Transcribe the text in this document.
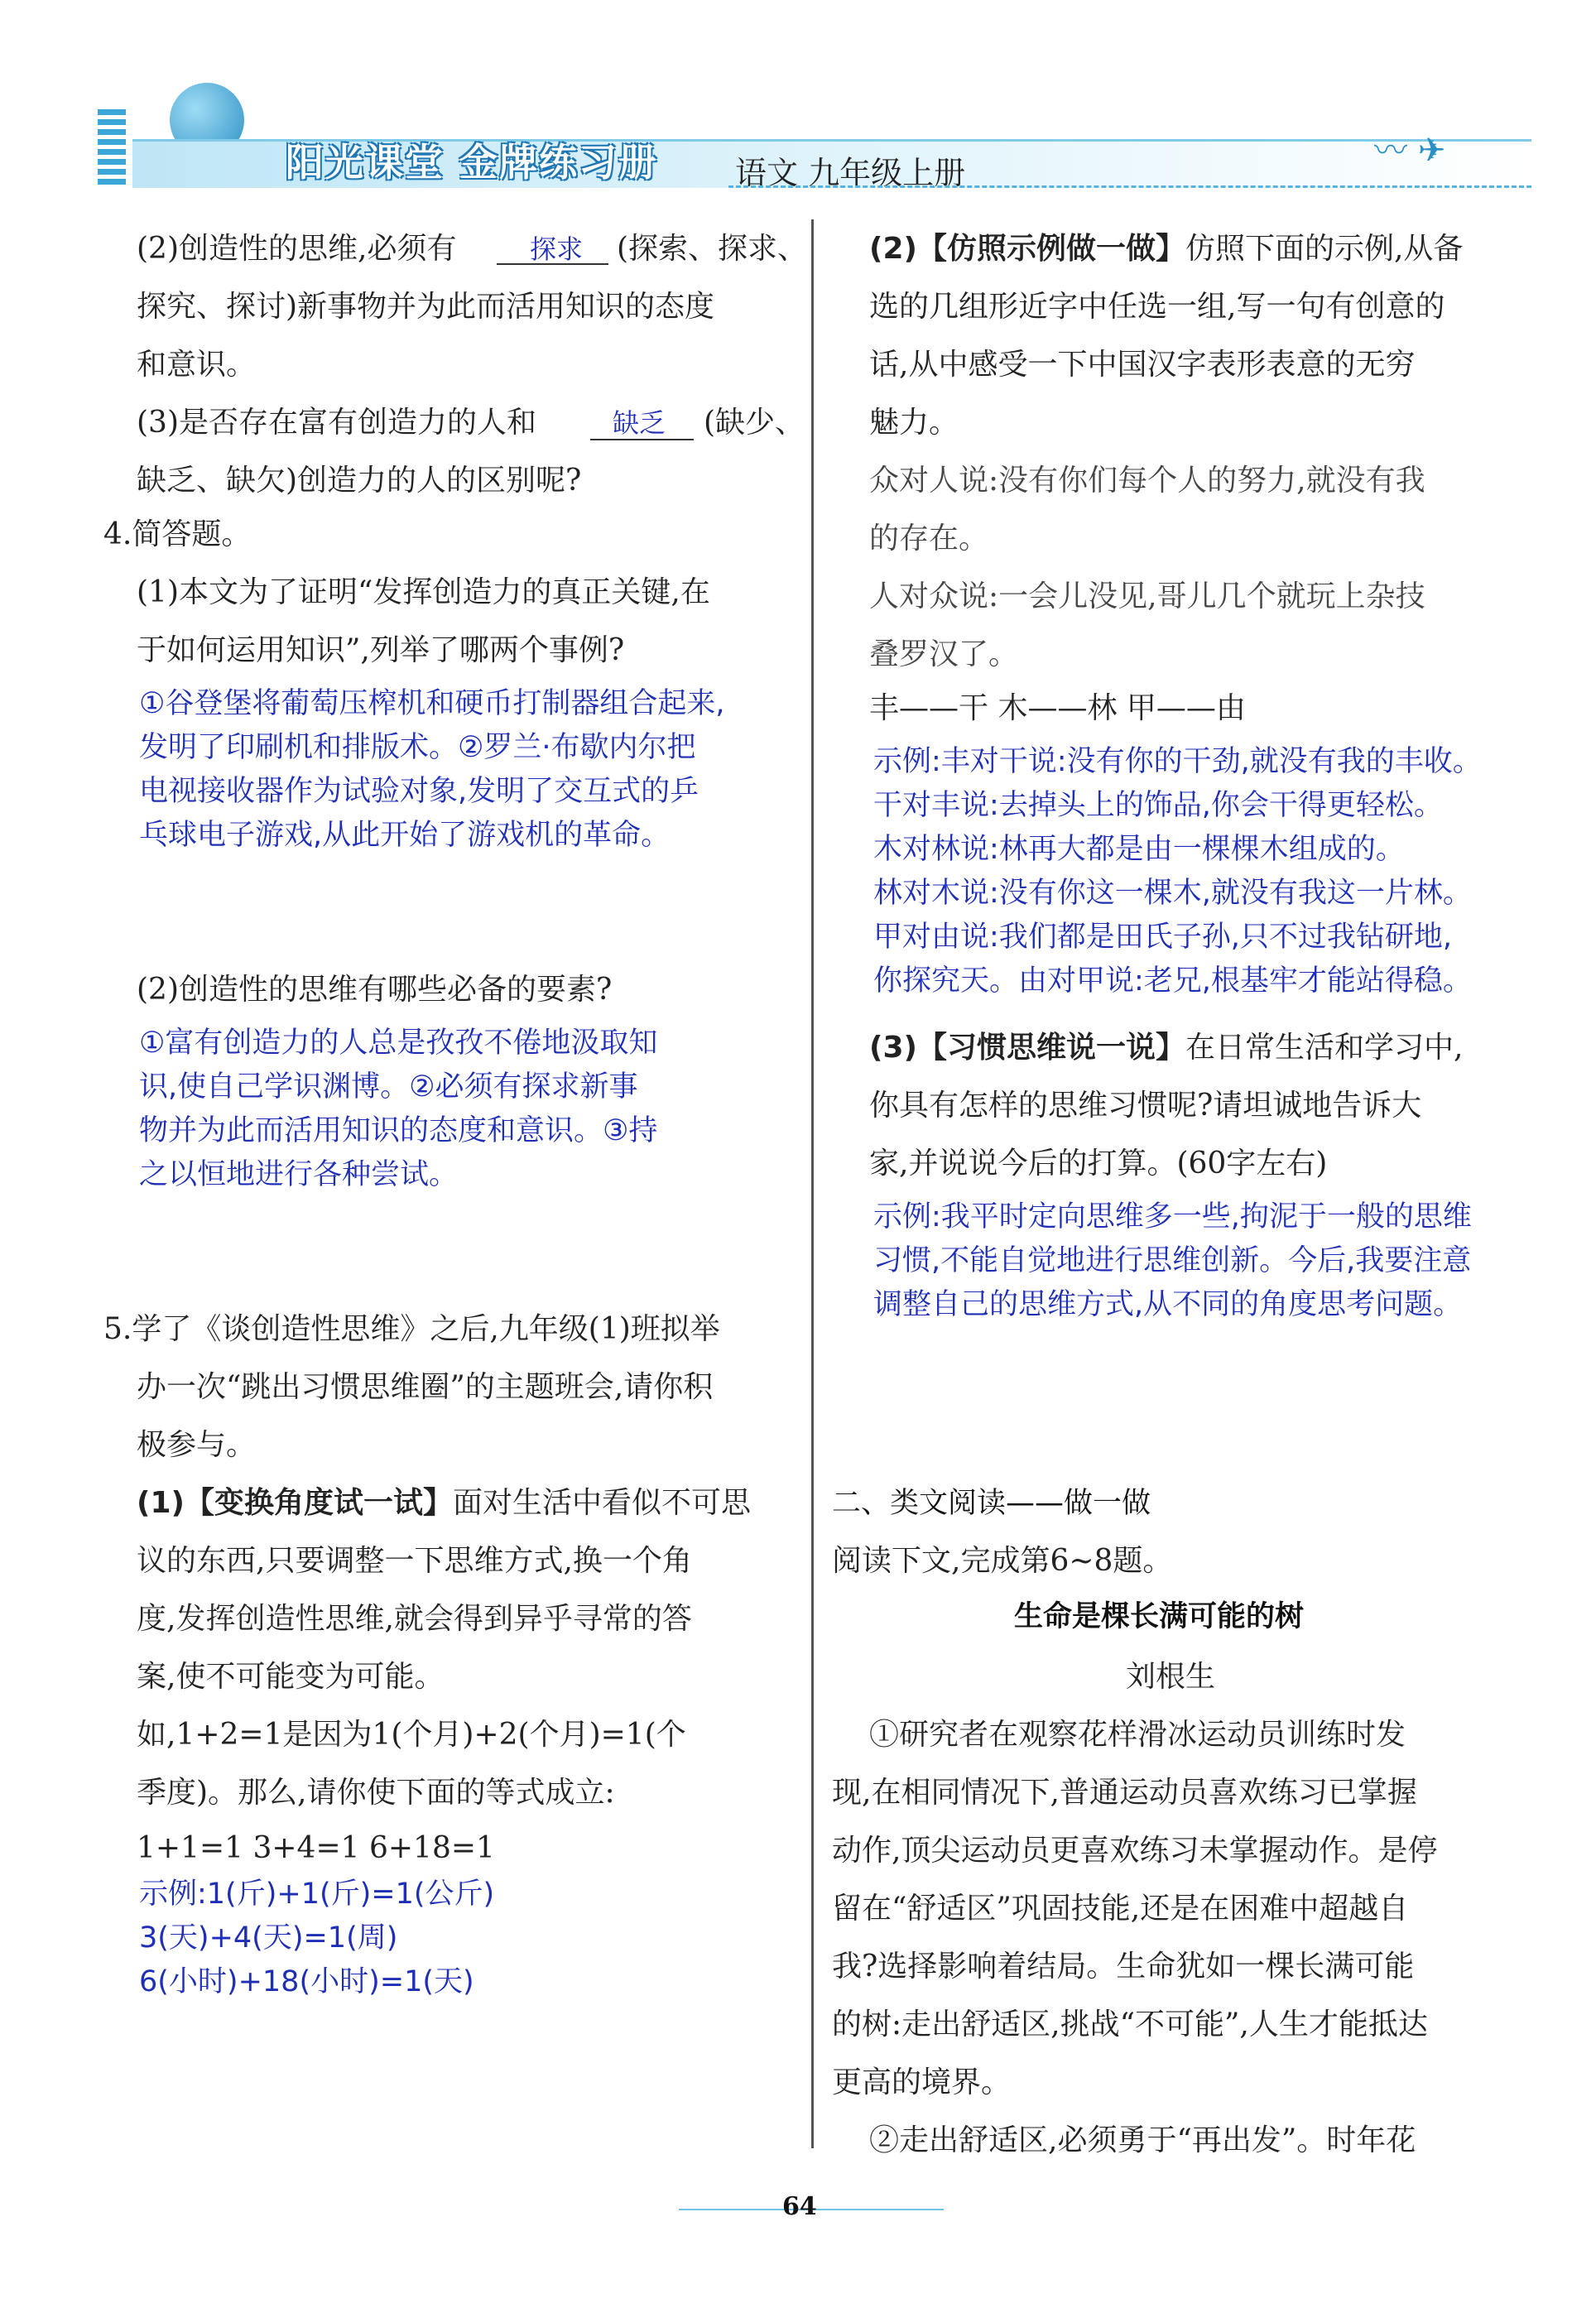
阳光课堂 金牌练习册 语文 九年级上册
〰 ✈
(2)创造性的思维,必须有	探求 (探索、探求、
探究、探讨)新事物并为此而活用知识的态度
和意识。
(3)是否存在富有创造力的人和	缺乏 (缺少、
缺乏、缺欠)创造力的人的区别呢?
4.简答题。
(1)本文为了证明“发挥创造力的真正关键,在
于如何运用知识”,列举了哪两个事例?
①谷登堡将葡萄压榨机和硬币打制器组合起来,
发明了印刷机和排版术。②罗兰·布歇内尔把
电视接收器作为试验对象,发明了交互式的乒
乓球电子游戏,从此开始了游戏机的革命。
(2)创造性的思维有哪些必备的要素?
①富有创造力的人总是孜孜不倦地汲取知
识,使自己学识渊博。②必须有探求新事
物并为此而活用知识的态度和意识。③持
之以恒地进行各种尝试。
5.学了《谈创造性思维》之后,九年级(1)班拟举
办一次“跳出习惯思维圈”的主题班会,请你积
极参与。
(1)【变换角度试一试】面对生活中看似不可思
议的东西,只要调整一下思维方式,换一个角
度,发挥创造性思维,就会得到异乎寻常的答
案,使不可能变为可能。
如,1+2=1是因为1(个月)+2(个月)=1(个
季度)。那么,请你使下面的等式成立:
1+1=1 3+4=1 6+18=1
示例:1(斤)+1(斤)=1(公斤)
3(天)+4(天)=1(周)
6(小时)+18(小时)=1(天)
(2)【仿照示例做一做】仿照下面的示例,从备
选的几组形近字中任选一组,写一句有创意的
话,从中感受一下中国汉字表形表意的无穷
魅力。
众对人说:没有你们每个人的努力,就没有我
的存在。
人对众说:一会儿没见,哥儿几个就玩上杂技
叠罗汉了。
丰——干 木——林 甲——由
示例:丰对干说:没有你的干劲,就没有我的丰收。
干对丰说:去掉头上的饰品,你会干得更轻松。
木对林说:林再大都是由一棵棵木组成的。
林对木说:没有你这一棵木,就没有我这一片林。
甲对由说:我们都是田氏子孙,只不过我钻研地,
你探究天。由对甲说:老兄,根基牢才能站得稳。
(3)【习惯思维说一说】在日常生活和学习中,
你具有怎样的思维习惯呢?请坦诚地告诉大
家,并说说今后的打算。(60字左右)
示例:我平时定向思维多一些,拘泥于一般的思维
习惯,不能自觉地进行思维创新。今后,我要注意
调整自己的思维方式,从不同的角度思考问题。
二、类文阅读——做一做
阅读下文,完成第6~8题。
生命是棵长满可能的树
刘根生
①研究者在观察花样滑冰运动员训练时发
现,在相同情况下,普通运动员喜欢练习已掌握
动作,顶尖运动员更喜欢练习未掌握动作。是停
留在“舒适区”巩固技能,还是在困难中超越自
我?选择影响着结局。生命犹如一棵长满可能
的树:走出舒适区,挑战“不可能”,人生才能抵达
更高的境界。
②走出舒适区,必须勇于“再出发”。时年花
64
